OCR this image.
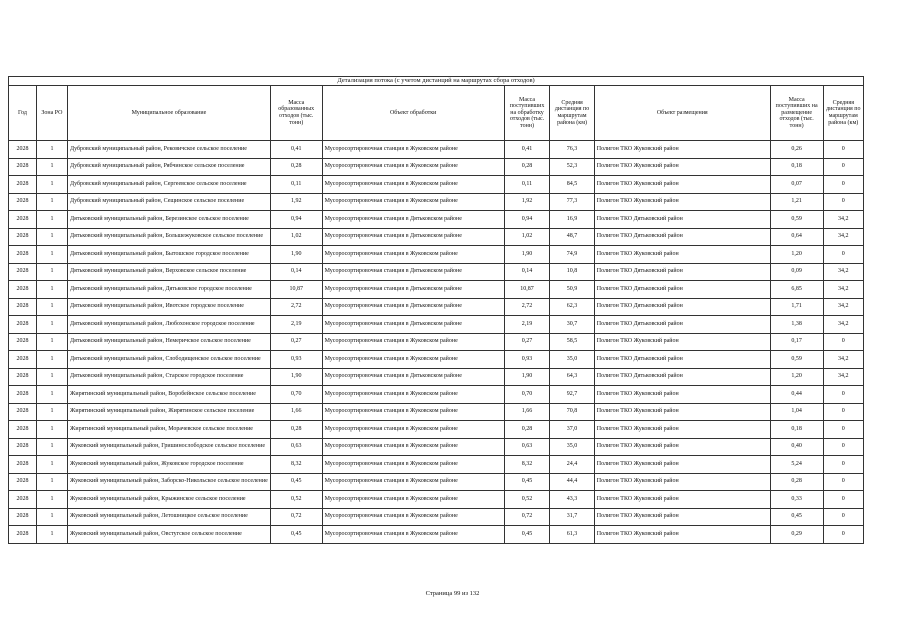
Детализация потока (с учетом дистанций на маршрутах сбора отходов)									
Год	Зона РО	Муниципальное образование	Масса образованных отходов (тыс. тонн)	Объект обработки	Масса поступивших на обработку отходов (тыс. тонн)	Средняя дистанция по маршрутам района (км)	Объект размещения	Масса поступивших на размещение отходов (тыс. тонн)	Средняя дистанция по маршрутам района (км)
2028	1	Дубровский муниципальный район, Рековичское сельское поселение	0,41	Мусоросортировочная станция в Жуковском районе	0,41	76,3	Полигон ТКО Жуковский район	0,26	0
2028	1	Дубровский муниципальный район, Рябчинское сельское поселение	0,28	Мусоросортировочная станция в Жуковском районе	0,28	52,3	Полигон ТКО Жуковский район	0,18	0
2028	1	Дубровский муниципальный район, Сергеевское сельское поселение	0,11	Мусоросортировочная станция в Жуковском районе	0,11	84,5	Полигон ТКО Жуковский район	0,07	0
2028	1	Дубровский муниципальный район, Сещинское сельское поселение	1,92	Мусоросортировочная станция в Жуковском районе	1,92	77,3	Полигон ТКО Жуковский район	1,21	0
2028	1	Дятьковский муниципальный район, Березинское сельское поселение	0,94	Мусоросортировочная станция в Дятьковском районе	0,94	16,9	Полигон ТКО Дятьковский район	0,59	34,2
2028	1	Дятьковский муниципальный район, Большежуковское сельское поселение	1,02	Мусоросортировочная станция в Дятьковском районе	1,02	48,7	Полигон ТКО Дятьковский район	0,64	34,2
2028	1	Дятьковский муниципальный район, Бытошское городское поселение	1,90	Мусоросортировочная станция в Жуковском районе	1,90	74,9	Полигон ТКО Жуковский район	1,20	0
2028	1	Дятьковский муниципальный район, Верховское сельское поселение	0,14	Мусоросортировочная станция в Дятьковском районе	0,14	10,8	Полигон ТКО Дятьковский район	0,09	34,2
2028	1	Дятьковский муниципальный район, Дятьковское городское поселение	10,87	Мусоросортировочная станция в Дятьковском районе	10,87	50,9	Полигон ТКО Дятьковский район	6,85	34,2
2028	1	Дятьковский муниципальный район, Ивотское городское поселение	2,72	Мусоросортировочная станция в Дятьковском районе	2,72	62,3	Полигон ТКО Дятьковский район	1,71	34,2
2028	1	Дятьковский муниципальный район, Любохонское городское поселение	2,19	Мусоросортировочная станция в Дятьковском районе	2,19	30,7	Полигон ТКО Дятьковский район	1,38	34,2
2028	1	Дятьковский муниципальный район, Немеричское сельское поселение	0,27	Мусоросортировочная станция в Жуковском районе	0,27	58,5	Полигон ТКО Жуковский район	0,17	0
2028	1	Дятьковский муниципальный район, Слободищенское сельское поселение	0,93	Мусоросортировочная станция в Жуковском районе	0,93	35,0	Полигон ТКО Дятьковский район	0,59	34,2
2028	1	Дятьковский муниципальный район, Старское городское поселение	1,90	Мусоросортировочная станция в Дятьковском районе	1,90	64,3	Полигон ТКО Дятьковский район	1,20	34,2
2028	1	Жирятинский муниципальный район, Воробейнское сельское поселение	0,70	Мусоросортировочная станция в Жуковском районе	0,70	92,7	Полигон ТКО Жуковский район	0,44	0
2028	1	Жирятинский муниципальный район, Жирятинское сельское поселение	1,66	Мусоросортировочная станция в Жуковском районе	1,66	70,8	Полигон ТКО Жуковский район	1,04	0
2028	1	Жирятинский муниципальный район, Морачевское сельское поселение	0,28	Мусоросортировочная станция в Жуковском районе	0,28	37,0	Полигон ТКО Жуковский район	0,18	0
2028	1	Жуковский муниципальный район, Гришинослободское сельское поселение	0,63	Мусоросортировочная станция в Жуковском районе	0,63	35,0	Полигон ТКО Жуковский район	0,40	0
2028	1	Жуковский муниципальный район, Жуковское городское поселение	8,32	Мусоросортировочная станция в Жуковском районе	8,32	24,4	Полигон ТКО Жуковский район	5,24	0
2028	1	Жуковский муниципальный район, Заборско-Никольское сельское поселение	0,45	Мусоросортировочная станция в Жуковском районе	0,45	44,4	Полигон ТКО Жуковский район	0,28	0
2028	1	Жуковский муниципальный район, Крыжинское сельское поселение	0,52	Мусоросортировочная станция в Жуковском районе	0,52	43,3	Полигон ТКО Жуковский район	0,33	0
2028	1	Жуковский муниципальный район, Летошницкое сельское поселение	0,72	Мусоросортировочная станция в Жуковском районе	0,72	31,7	Полигон ТКО Жуковский район	0,45	0
2028	1	Жуковский муниципальный район, Овстугское сельское поселение	0,45	Мусоросортировочная станция в Жуковском районе	0,45	61,3	Полигон ТКО Жуковский район	0,29	0
Страница 99 из 132
